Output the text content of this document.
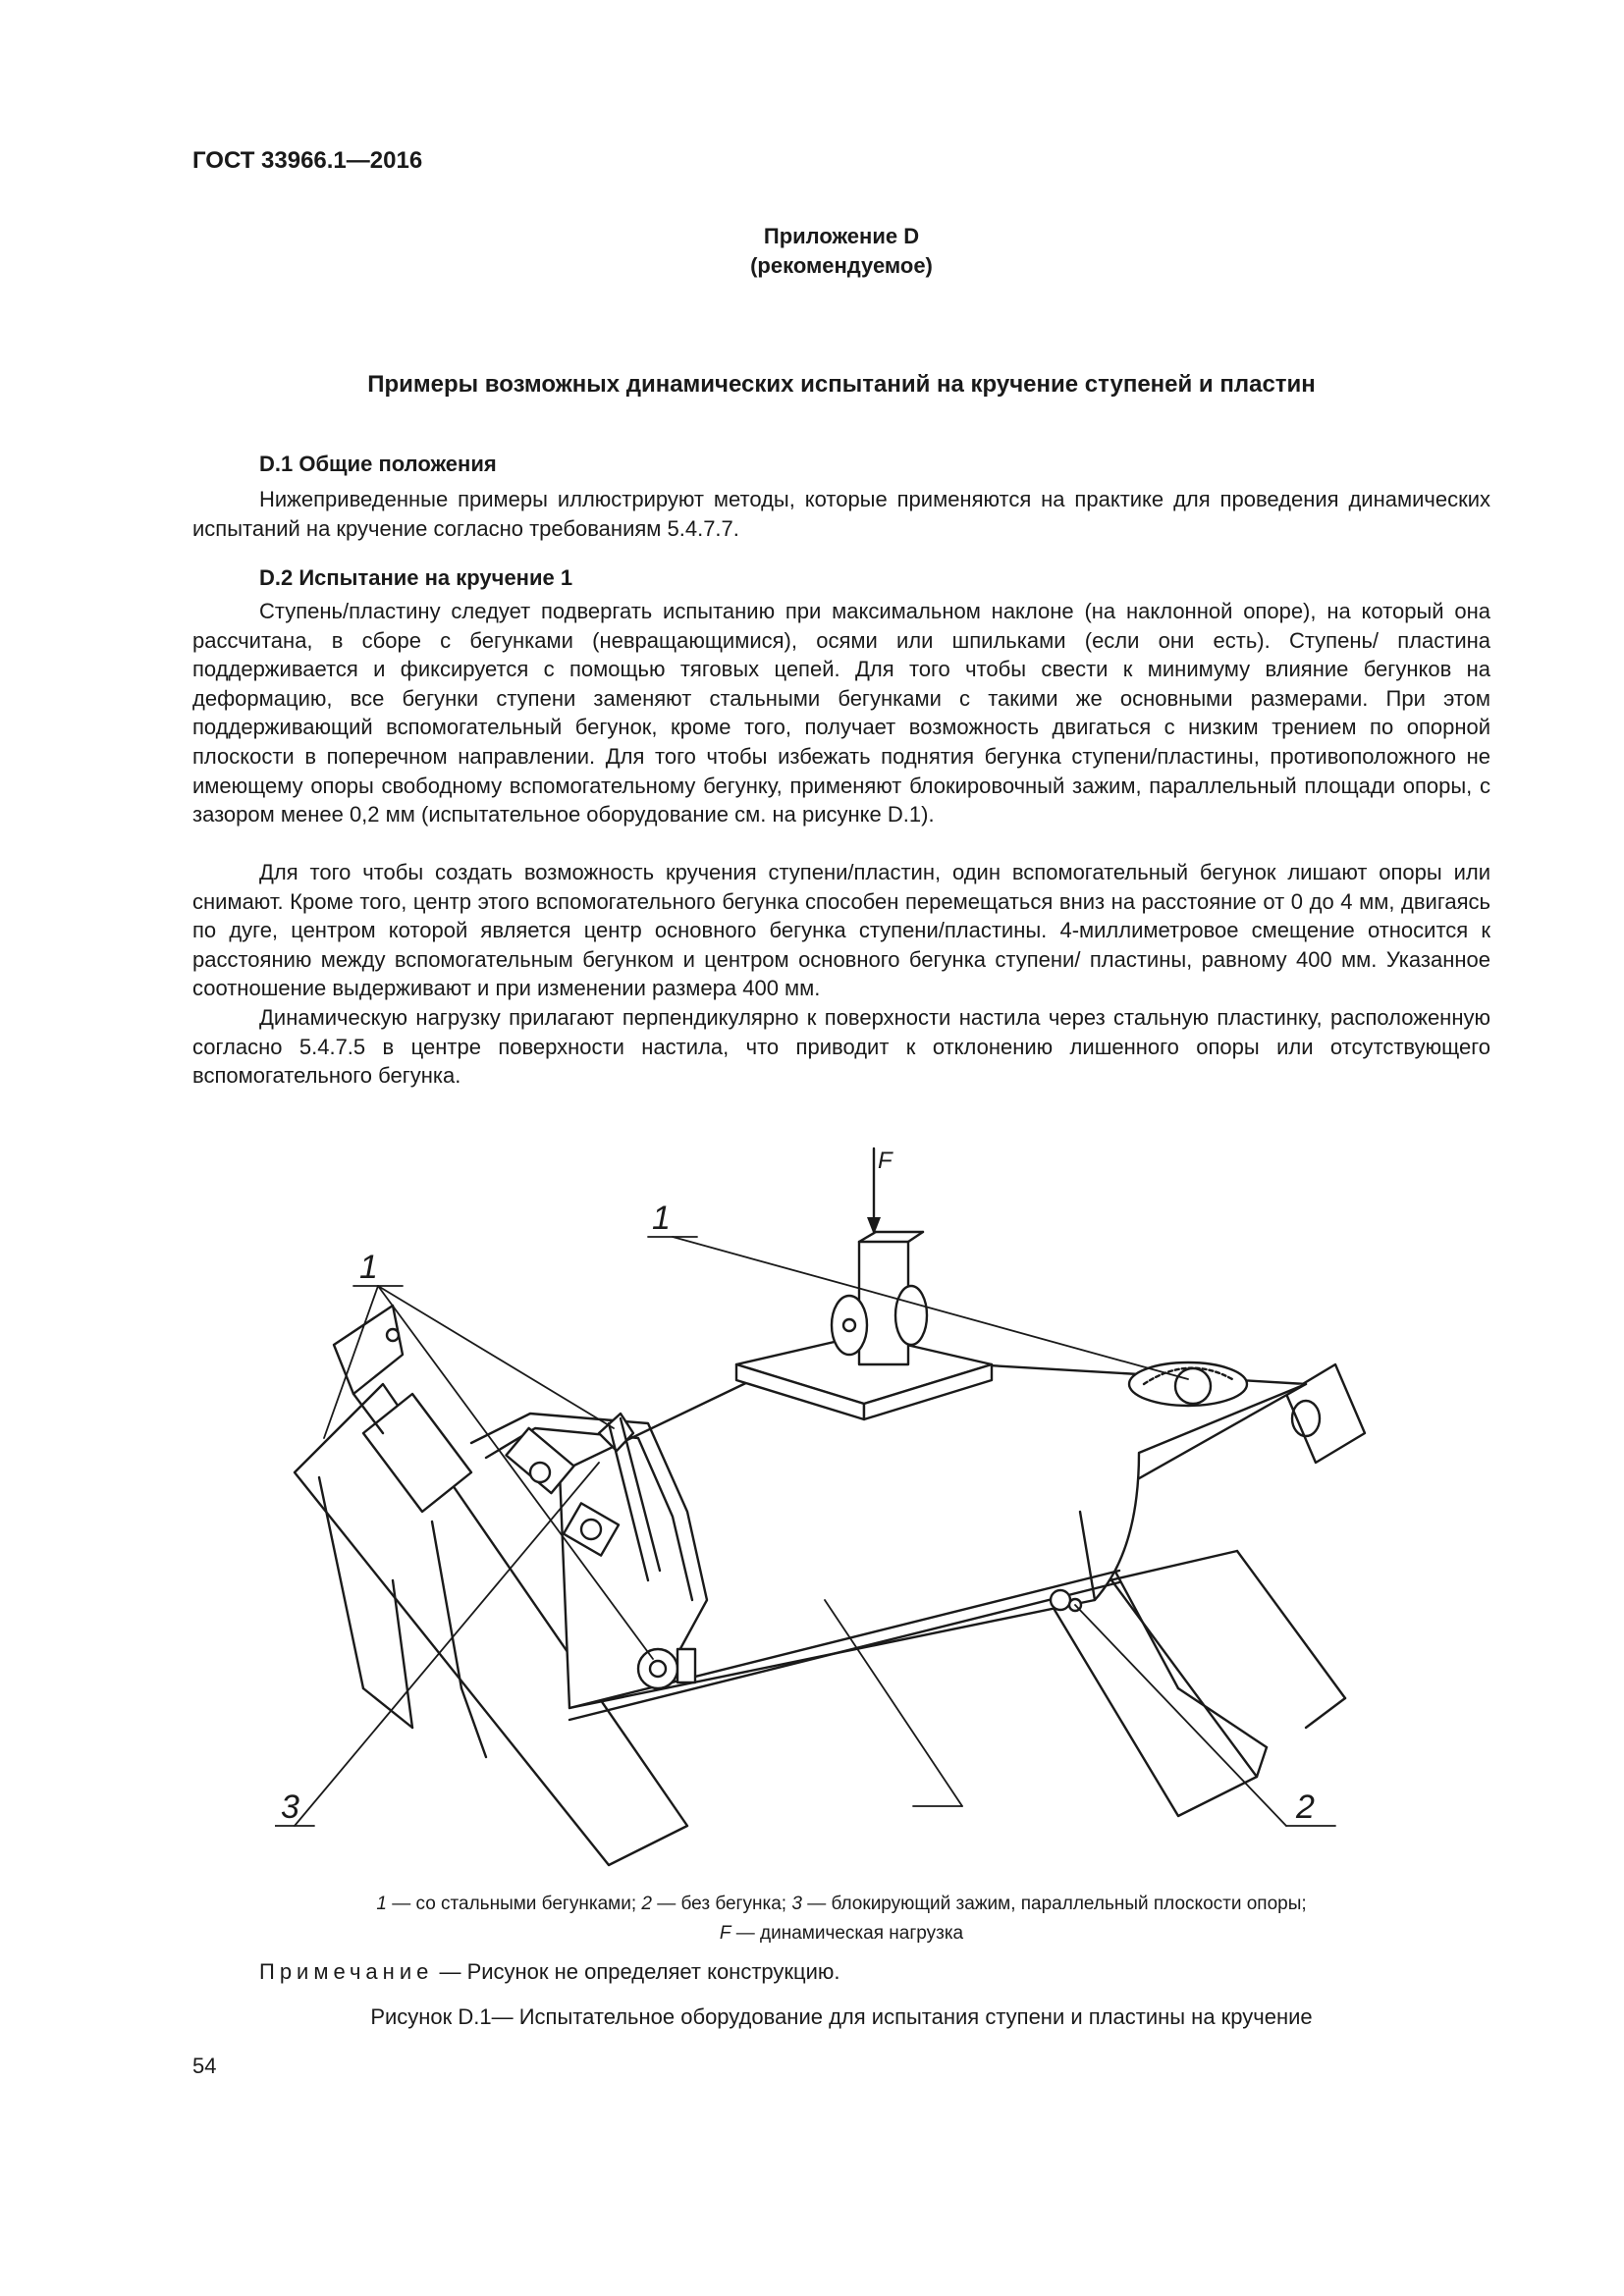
ГОСТ 33966.1—2016
Приложение D
(рекомендуемое)
Примеры возможных динамических испытаний на кручение ступеней и пластин
D.1 Общие положения

Нижеприведенные примеры иллюстрируют методы, которые применяются на практике для проведения динамических испытаний на кручение согласно требованиям 5.4.7.7.

D.2 Испытание на кручение 1

Ступень/пластину следует подвергать испытанию при максимальном наклоне (на наклонной опоре), на который она рассчитана, в сборе с бегунками (невращающимися), осями или шпильками (если они есть). Ступень/ пластина поддерживается и фиксируется с помощью тяговых цепей. Для того чтобы свести к минимуму влияние бегунков на деформацию, все бегунки ступени заменяют стальными бегунками с такими же основными размерами. При этом поддерживающий вспомогательный бегунок, кроме того, получает возможность двигаться с низким трением по опорной плоскости в поперечном направлении. Для того чтобы избежать поднятия бегунка ступени/пластины, противоположного не имеющему опоры свободному вспомогательному бегунку, применяют блокировочный зажим, параллельный площади опоры, с зазором менее 0,2 мм (испытательное оборудование см. на рисунке D.1).

Для того чтобы создать возможность кручения ступени/пластин, один вспомогательный бегунок лишают опоры или снимают. Кроме того, центр этого вспомогательного бегунка способен перемещаться вниз на расстояние от 0 до 4 мм, двигаясь по дуге, центром которой является центр основного бегунка ступени/пластины. 4-миллиметровое смещение относится к расстоянию между вспомогательным бегунком и центром основного бегунка ступени/ пластины, равному 400 мм. Указанное соотношение выдерживают и при изменении размера 400 мм.

Динамическую нагрузку прилагают перпендикулярно к поверхности настила через стальную пластинку, расположенную согласно 5.4.7.5 в центре поверхности настила, что приводит к отклонению лишенного опоры или отсутствующего вспомогательного бегунка.

F
1
1
2
3
1 — со стальными бегунками; 2 — без бегунка; 3 — блокирующий зажим, параллельный плоскости опоры;
F — динамическая нагрузка
Примечание — Рисунок не определяет конструкцию.
Рисунок D.1— Испытательное оборудование для испытания ступени и пластины на кручение
54
